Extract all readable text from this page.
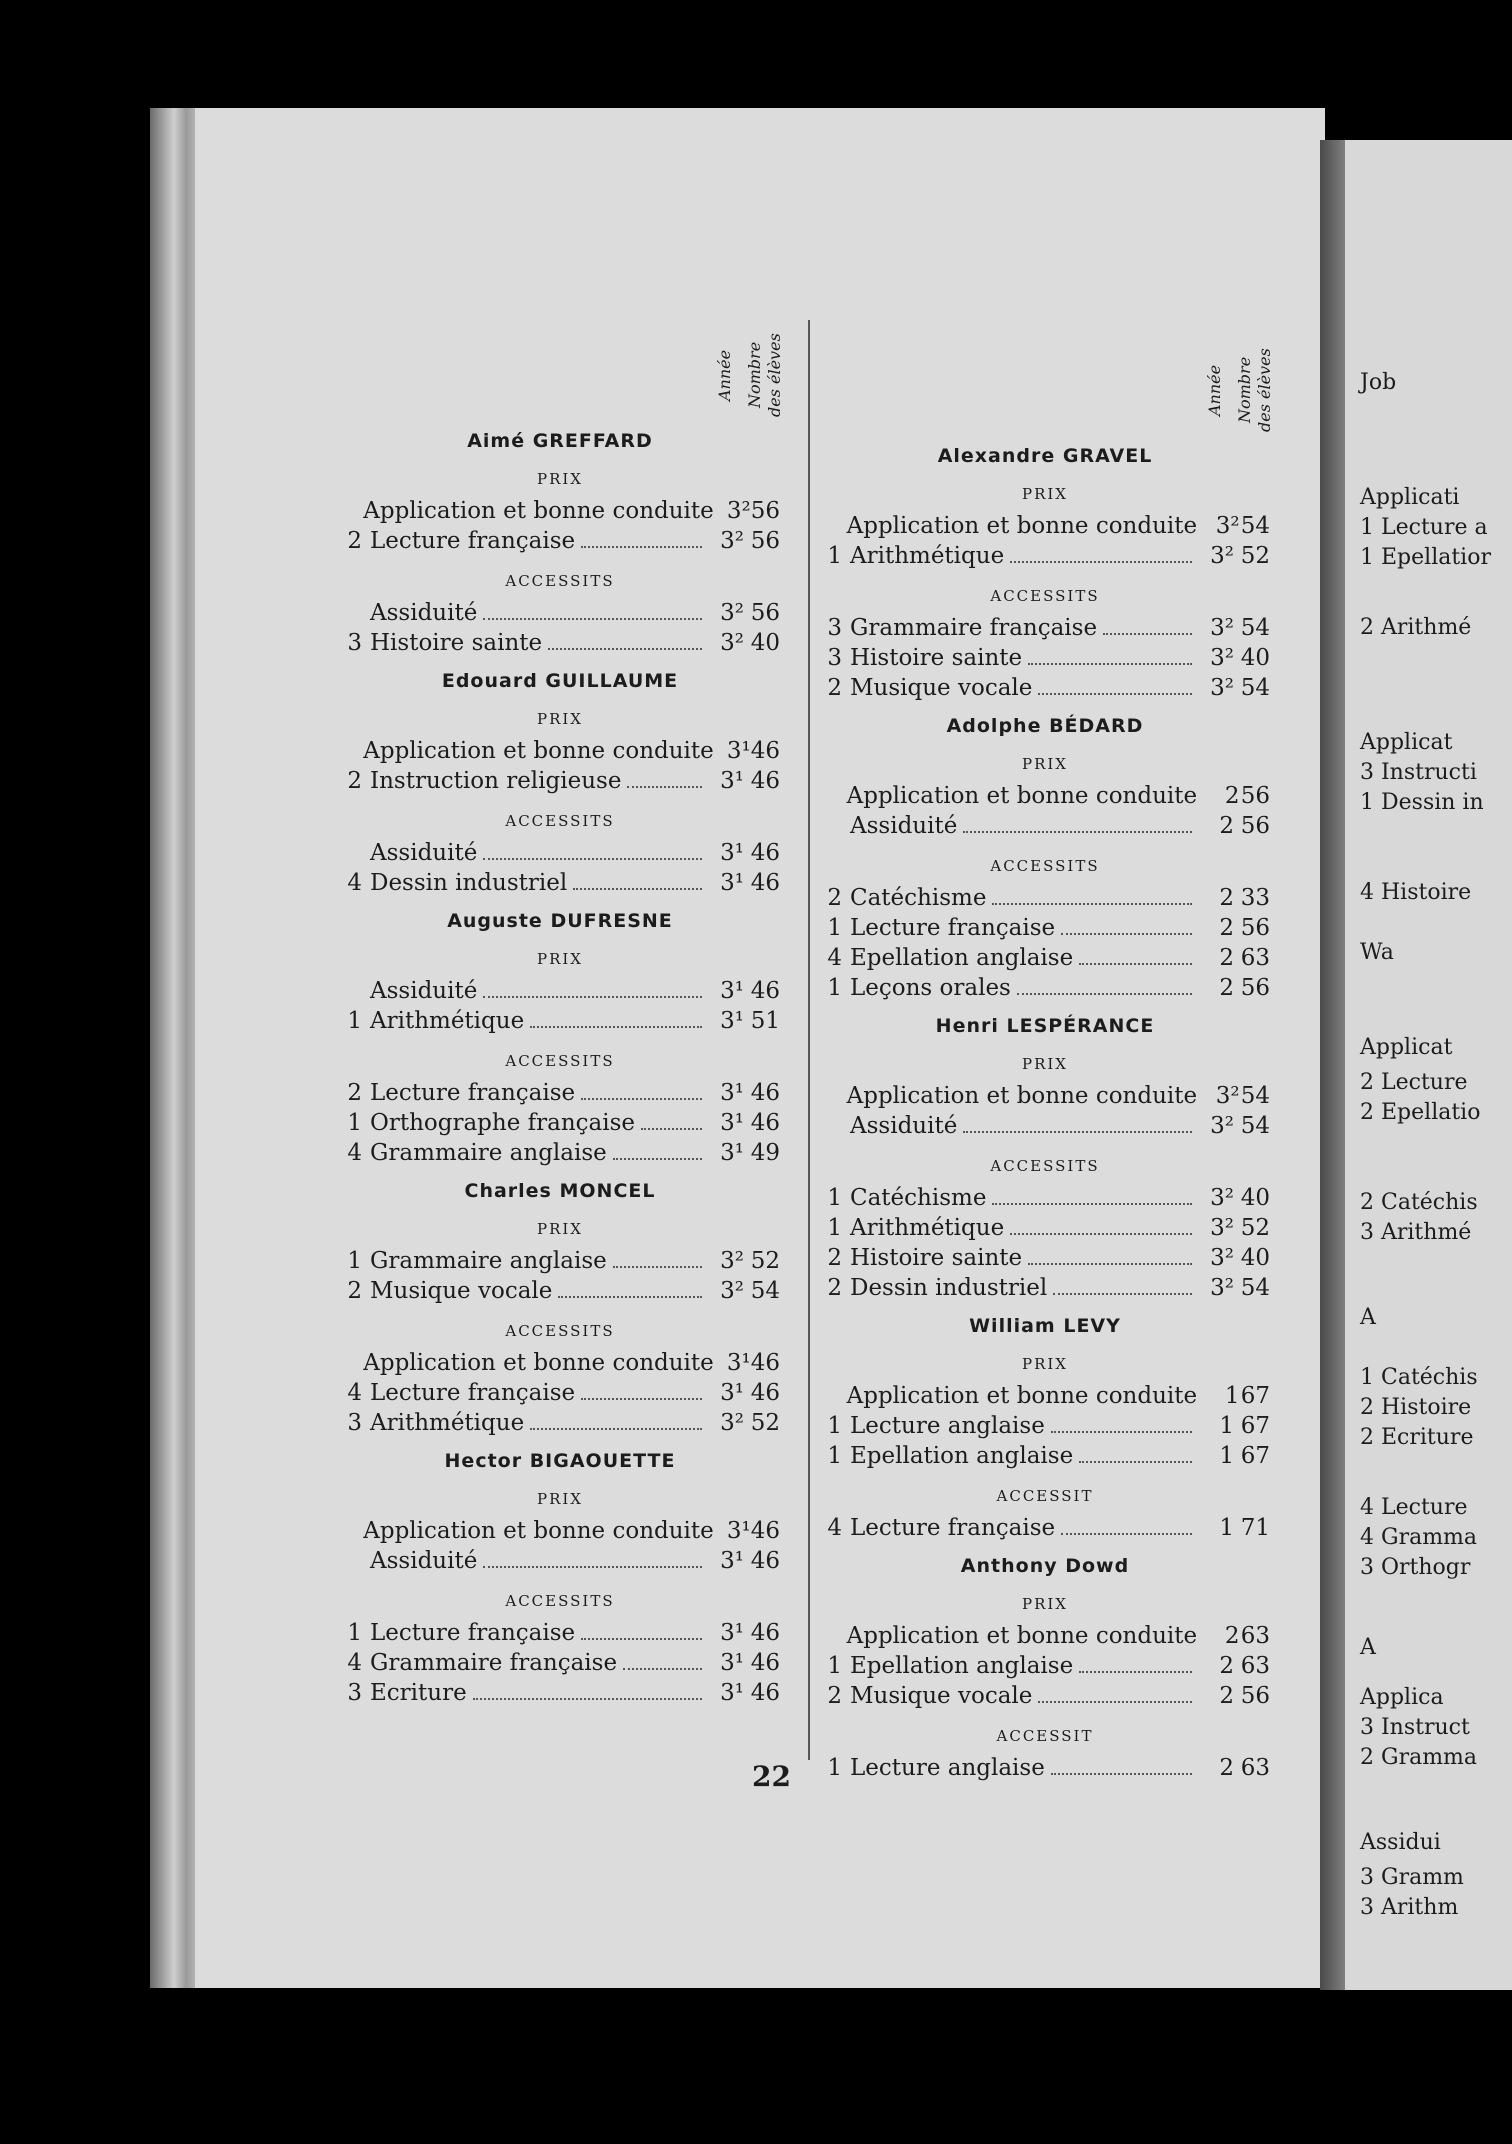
Job
Applicati
1 Lecture a
1 Epellatior
2 Arithmé
Applicat
3 Instructi
1 Dessin in
4 Histoire
Wa
Applicat
2 Lecture
2 Epellatio
2 Catéchis
3 Arithmé
A
1 Catéchis
2 Histoire
2 Ecriture
4 Lecture
4 Gramma
3 Orthogr
A
Applica
3 Instruct
2 Gramma
Assidui
3 Gramm
3 Arithm
Année Nombre des élèves
Aimé GREFFARD
PRIX
Application et bonne conduite 3² 56
2 Lecture française	3² 56
ACCESSITS
Assiduité	3² 56
3 Histoire sainte	3² 40
Edouard GUILLAUME
PRIX
Application et bonne conduite 3¹ 46
2 Instruction religieuse	3¹ 46
ACCESSITS
Assiduité	3¹ 46
4 Dessin industriel	3¹ 46
Auguste DUFRESNE
PRIX
Assiduité	3¹ 46
1 Arithmétique	3¹ 51
ACCESSITS
2 Lecture française	3¹ 46
1 Orthographe française	3¹ 46
4 Grammaire anglaise	3¹ 49
Charles MONCEL
PRIX
1 Grammaire anglaise	3² 52
2 Musique vocale	3² 54
ACCESSITS
Application et bonne conduite 3¹ 46
4 Lecture française	3¹ 46
3 Arithmétique	3² 52
Hector BIGAOUETTE
PRIX
Application et bonne conduite 3¹ 46
Assiduité	3¹ 46
ACCESSITS
1 Lecture française	3¹ 46
4 Grammaire française	3¹ 46
3 Ecriture	3¹ 46
Année Nombre des élèves
Alexandre GRAVEL
PRIX
Application et bonne conduite 3² 54
1 Arithmétique	3² 52
ACCESSITS
3 Grammaire française	3² 54
3 Histoire sainte	3² 40
2 Musique vocale	3² 54
Adolphe BÉDARD
PRIX
Application et bonne conduite	2 56
Assiduité	2 56
ACCESSITS
2 Catéchisme	2 33
1 Lecture française	2 56
4 Epellation anglaise	2 63
1 Leçons orales	2 56
Henri LESPÉRANCE
PRIX
Application et bonne conduite 3² 54
Assiduité	3² 54
ACCESSITS
1 Catéchisme	3² 40
1 Arithmétique	3² 52
2 Histoire sainte	3² 40
2 Dessin industriel	3² 54
William LEVY
PRIX
Application et bonne conduite	1 67
1 Lecture anglaise	1 67
1 Epellation anglaise	1 67
ACCESSIT
4 Lecture française	1 71
Anthony Dowd
PRIX
Application et bonne conduite	2 63
1 Epellation anglaise	2 63
2 Musique vocale	2 56
ACCESSIT
1 Lecture anglaise	2 63
22
